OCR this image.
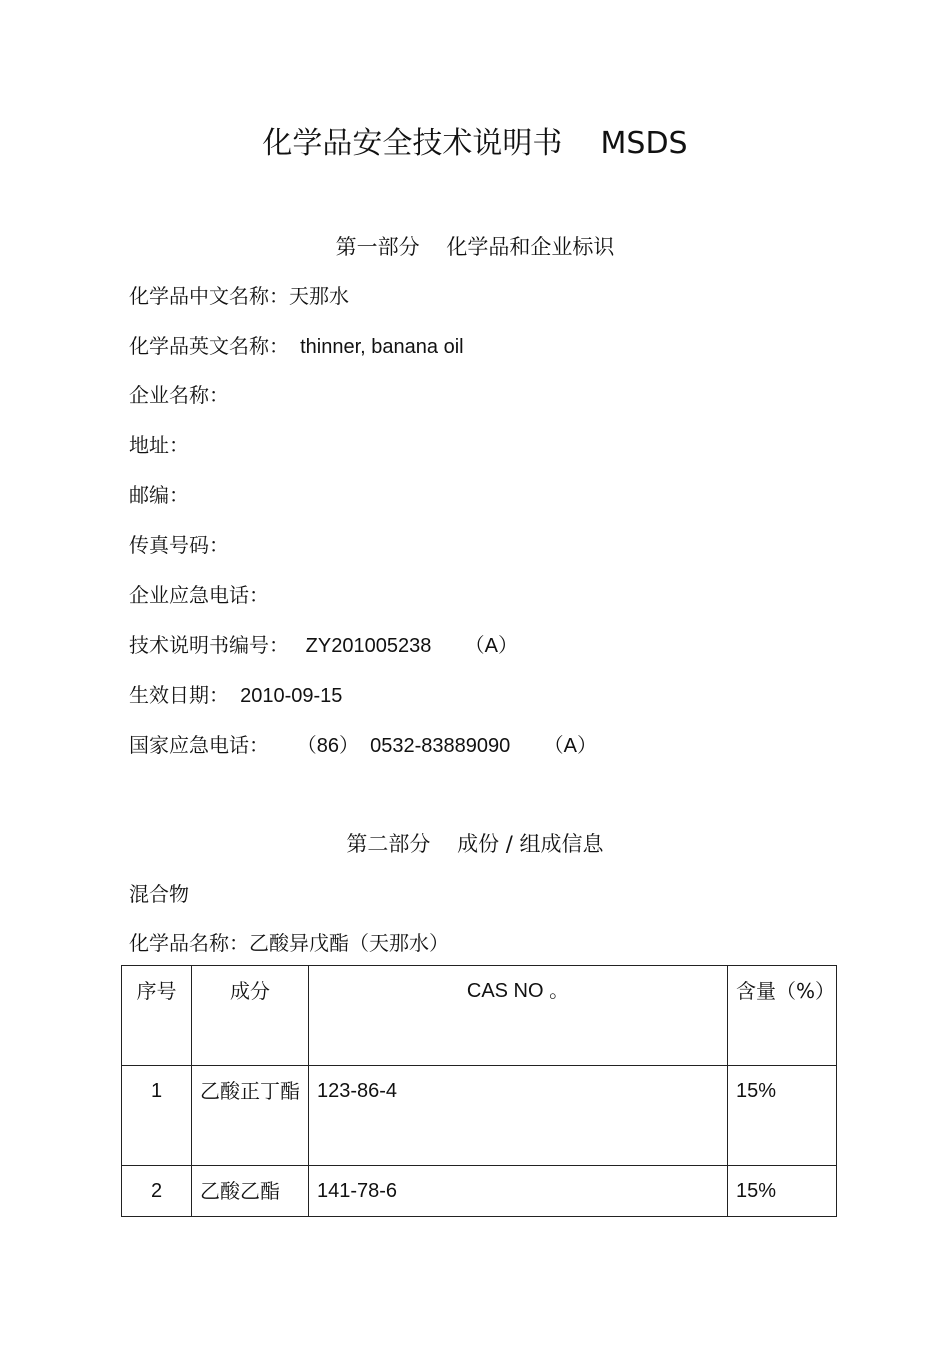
化学品安全技术说明书    MSDS
第一部分    化学品和企业标识
化学品中文名称：天那水
化学品英文名称：  thinner, banana oil
企业名称：
地址：
邮编：
传真号码：
企业应急电话：
技术说明书编号：   ZY201005238      （A）
生效日期：  2010-09-15
国家应急电话：     （86）  0532-83889090      （A）
第二部分    成份 / 组成信息
混合物
化学品名称：乙酸异戊酯（天那水）
序号	成分	CAS NO 。	含量（%）
1	乙酸正丁酯	123-86-4	15%
2	乙酸乙酯	141-78-6	15%
